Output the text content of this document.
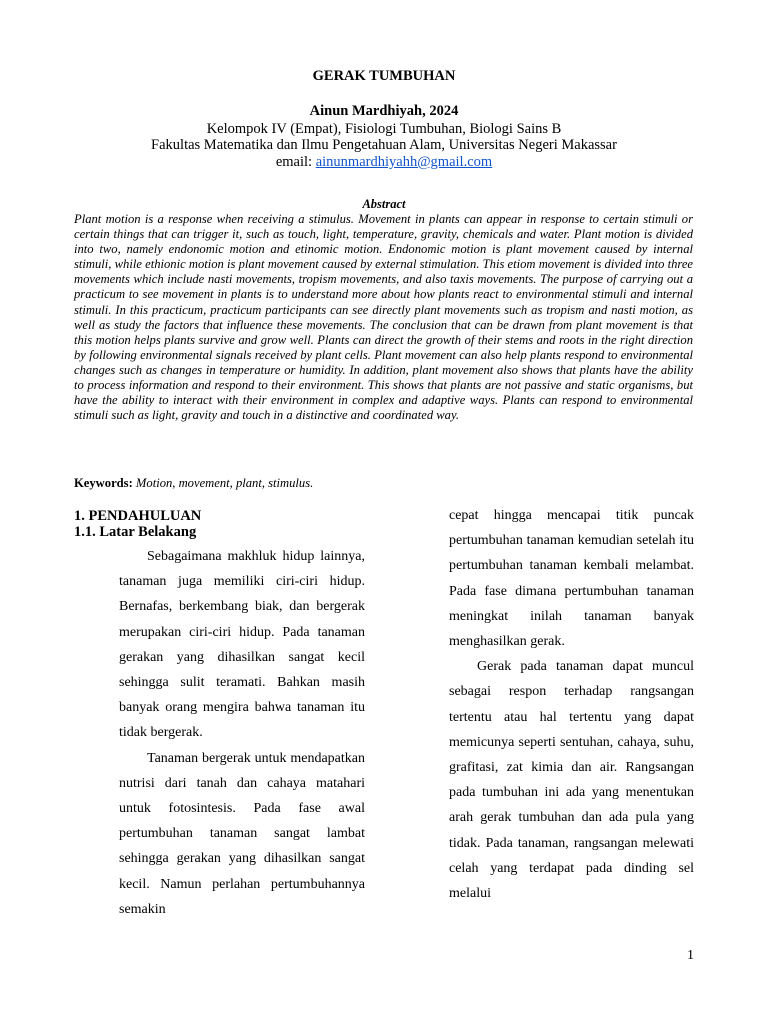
GERAK TUMBUHAN
Ainun Mardhiyah, 2024
Kelompok IV (Empat), Fisiologi Tumbuhan, Biologi Sains B
Fakultas Matematika dan Ilmu Pengetahuan Alam, Universitas Negeri Makassar
email: ainunmardhiyahh@gmail.com
Abstract

Plant motion is a response when receiving a stimulus. Movement in plants can appear in response to certain stimuli or certain things that can trigger it, such as touch, light, temperature, gravity, chemicals and water. Plant motion is divided into two, namely endonomic motion and etinomic motion. Endonomic motion is plant movement caused by internal stimuli, while ethionic motion is plant movement caused by external stimulation. This etiom movement is divided into three movements which include nasti movements, tropism movements, and also taxis movements. The purpose of carrying out a practicum to see movement in plants is to understand more about how plants react to environmental stimuli and internal stimuli. In this practicum, practicum participants can see directly plant movements such as tropism and nasti motion, as well as study the factors that influence these movements. The conclusion that can be drawn from plant movement is that this motion helps plants survive and grow well. Plants can direct the growth of their stems and roots in the right direction by following environmental signals received by plant cells. Plant movement can also help plants respond to environmental changes such as changes in temperature or humidity. In addition, plant movement also shows that plants have the ability to process information and respond to their environment. This shows that plants are not passive and static organisms, but have the ability to interact with their environment in complex and adaptive ways. Plants can respond to environmental stimuli such as light, gravity and touch in a distinctive and coordinated way.

Keywords: Motion, movement, plant, stimulus.

1. PENDAHULUAN
1.1. Latar Belakang

Sebagaimana makhluk hidup lainnya, tanaman juga memiliki ciri-ciri hidup. Bernafas, berkembang biak, dan bergerak merupakan ciri-ciri hidup. Pada tanaman gerakan yang dihasilkan sangat kecil sehingga sulit teramati. Bahkan masih banyak orang mengira bahwa tanaman itu tidak bergerak.

Tanaman bergerak untuk mendapatkan nutrisi dari tanah dan cahaya matahari untuk fotosintesis. Pada fase awal pertumbuhan tanaman sangat lambat sehingga gerakan yang dihasilkan sangat kecil. Namun perlahan pertumbuhannya semakin

cepat hingga mencapai titik puncak pertumbuhan tanaman kemudian setelah itu pertumbuhan tanaman kembali melambat. Pada fase dimana pertumbuhan tanaman meningkat inilah tanaman banyak menghasilkan gerak.

Gerak pada tanaman dapat muncul sebagai respon terhadap rangsangan tertentu atau hal tertentu yang dapat memicunya seperti sentuhan, cahaya, suhu, grafitasi, zat kimia dan air. Rangsangan pada tumbuhan ini ada yang menentukan arah gerak tumbuhan dan ada pula yang tidak. Pada tanaman, rangsangan melewati celah yang terdapat pada dinding sel melalui

1
